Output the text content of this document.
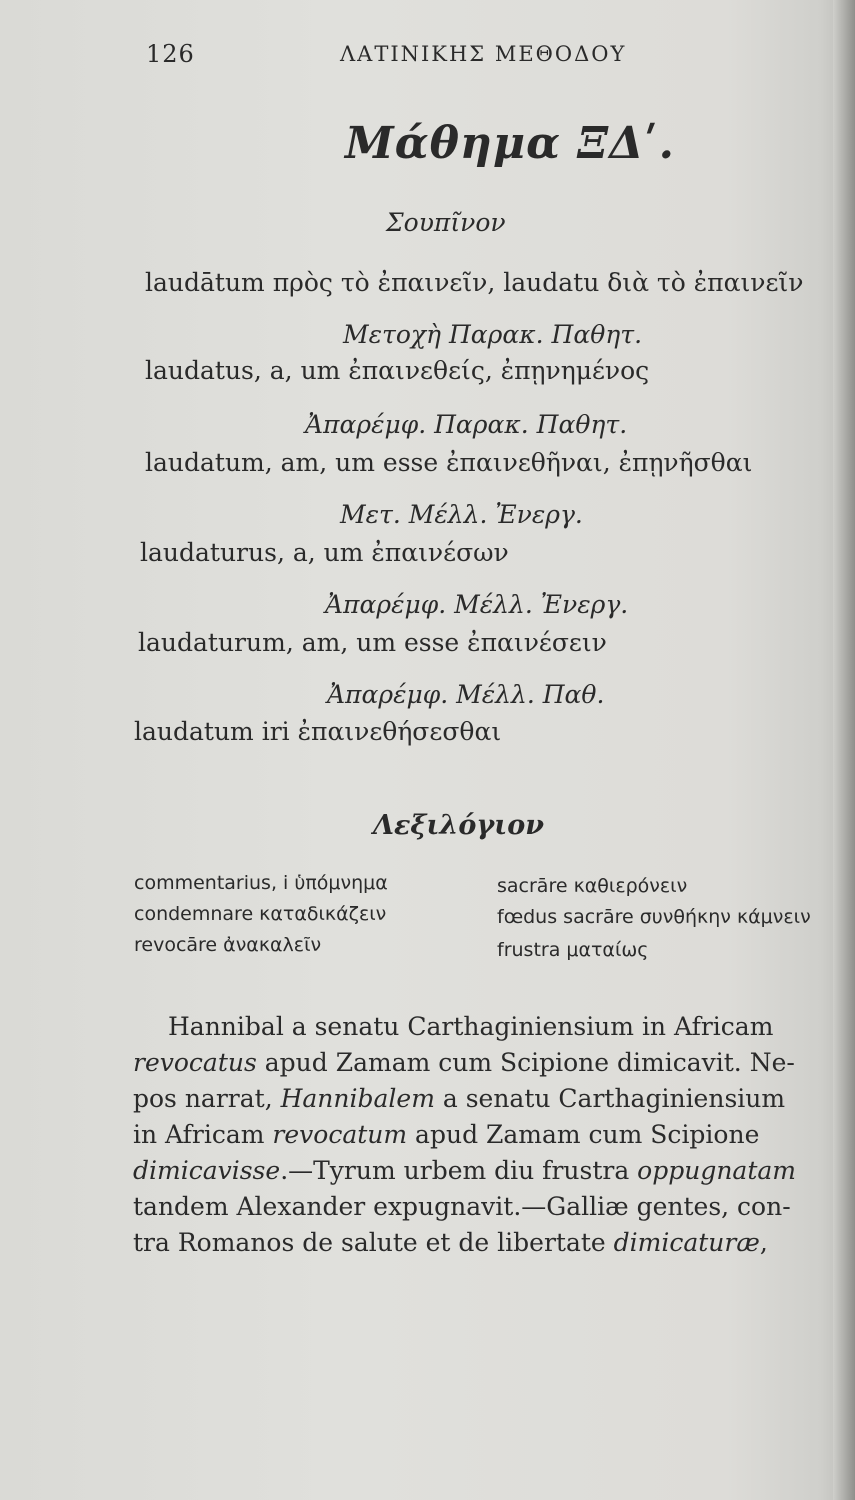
126	ΛΑΤΙΝΙΚΗΣ ΜΕΘΟΔΟΥ
Μάθημα ΞΔʹ.
Σουπῖνον
laudātum πρὸς τὸ ἐπαινεῖν, laudatu διὰ τὸ ἐπαινεῖν
Μετοχὴ Παρακ. Παθητ.
laudatus, a, um ἐπαινεθείς, ἐπῃνημένος
Ἀπαρέμφ. Παρακ. Παθητ.
laudatum, am, um esse ἐπαινεθῆναι, ἐπῃνῆσθαι
Μετ. Μέλλ. Ἐνεργ.
laudaturus, a, um ἐπαινέσων
Ἀπαρέμφ. Μέλλ. Ἐνεργ.
laudaturum, am, um esse ἐπαινέσειν
Ἀπαρέμφ. Μέλλ. Παθ.
laudatum iri ἐπαινεθήσεσθαι
Λεξιλόγιον
commentarius, i ὑπόμνημα
condemnare καταδικάζειν
revocāre ἀνακαλεῖν
sacrāre καθιερόνειν
fœdus sacrāre συνθήκην κάμνειν
frustra ματαίως
Hannibal a senatu Carthaginiensium in Africam
revocatus apud Zamam cum Scipione dimicavit. Ne-
pos narrat, Hannibalem a senatu Carthaginiensium
in Africam revocatum apud Zamam cum Scipione
dimicavisse.—Tyrum urbem diu frustra oppugnatam
tandem Alexander expugnavit.—Galliæ gentes, con-
tra Romanos de salute et de libertate dimicaturæ,
